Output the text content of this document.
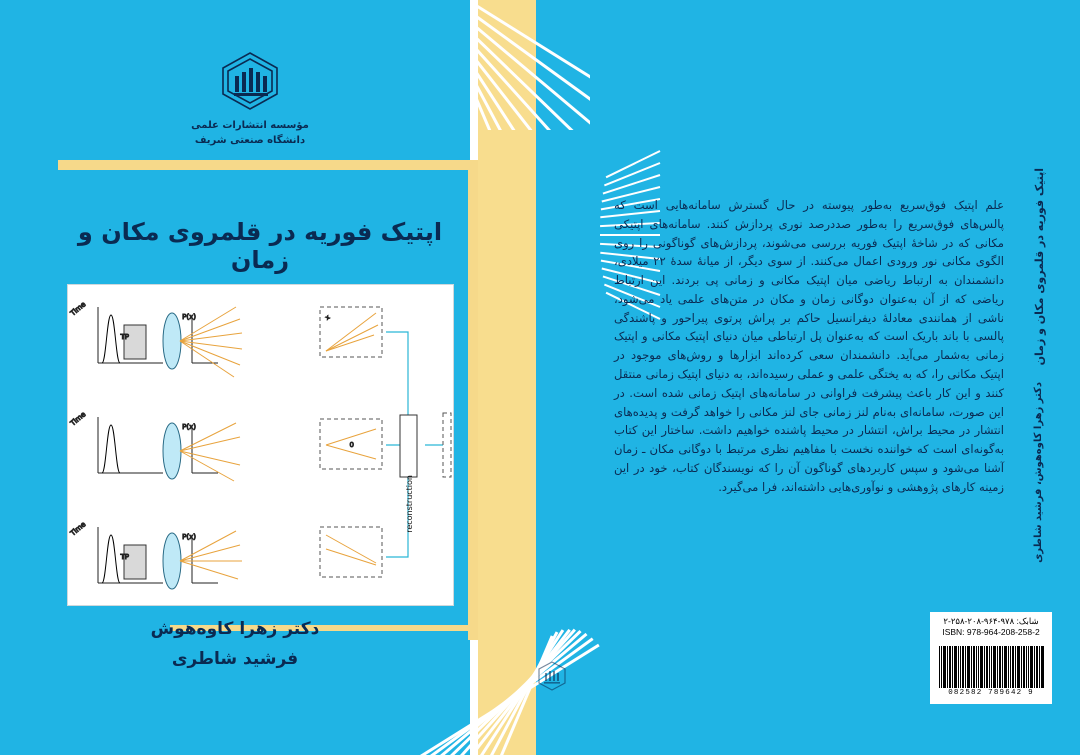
مؤسسه انتشارات علمی
دانشگاه صنعتی شریف
اپتیک فوریه در قلمروی مکان و زمان
دکتر زهرا کاوه‌هوش، فرشید شاطری
علم اپتیک فوق‌سریع به‌طور پیوسته در حال گسترش سامانه‌هایی است که پالس‌های فوق‌سریع را به‌طور صددرصد نوری پردازش کنند. سامانه‌های اپتیکی مکانی که در شاخهٔ اپتیک فوریه بررسی می‌شوند، پردازش‌های گوناگونی را روی الگوی مکانی نور ورودی اعمال می‌کنند. از سوی دیگر، از میانهٔ سدهٔ ۲۲ میلادی، دانشمندان به ارتباط ریاضی میان اپتیک مکانی و زمانی پی بردند. این ارتباط ریاضی که از آن به‌عنوان دوگانی زمان و مکان در متن‌های علمی یاد می‌شود، ناشی از همانندی معادلهٔ دیفرانسیل حاکم بر پراش پرتوی پیراحور و پاشندگی پالسی با باند باریک است که به‌عنوان پل ارتباطی میان دنیای اپتیک مکانی و اپتیک زمانی به‌شمار می‌آید. دانشمندان سعی کرده‌اند ابزارها و روش‌های موجود در اپتیک مکانی را، که به یختگی علمی و عملی رسیده‌اند، به دنیای اپتیک زمانی منتقل کنند و این کار باعث پیشرفت فراوانی در سامانه‌های اپتیک زمانی شده است. در این صورت، سامانه‌ای به‌نام لنز زمانی جای لنز مکانی را خواهد گرفت و پدیده‌های انتشار در محیط براش، انتشار در محیط پاشنده خواهیم داشت. ساختار این کتاب به‌گونه‌ای است که خواننده نخست با مفاهیم نظری مرتبط با دوگانی مکان ـ زمان آشنا می‌شود و سپس کاربردهای گوناگون آن را که نویسندگان کتاب، خود در این زمینه کارهای پژوهشی و نوآوری‌هایی داشته‌اند، فرا می‌گیرد.
شابک: ۹۷۸-۹۶۴-۲۰۸-۲۵۸-۲
ISBN: 978-964-208-258-2
9 789642 082582
اپتیک فوریه در قلمروی مکان و زمان
Time
TP
P(x)	x
Time	P(x)
0
Time
TP
P(x)
reconstruction
دکتر زهرا کاوه‌هوش
فرشید شاطری
